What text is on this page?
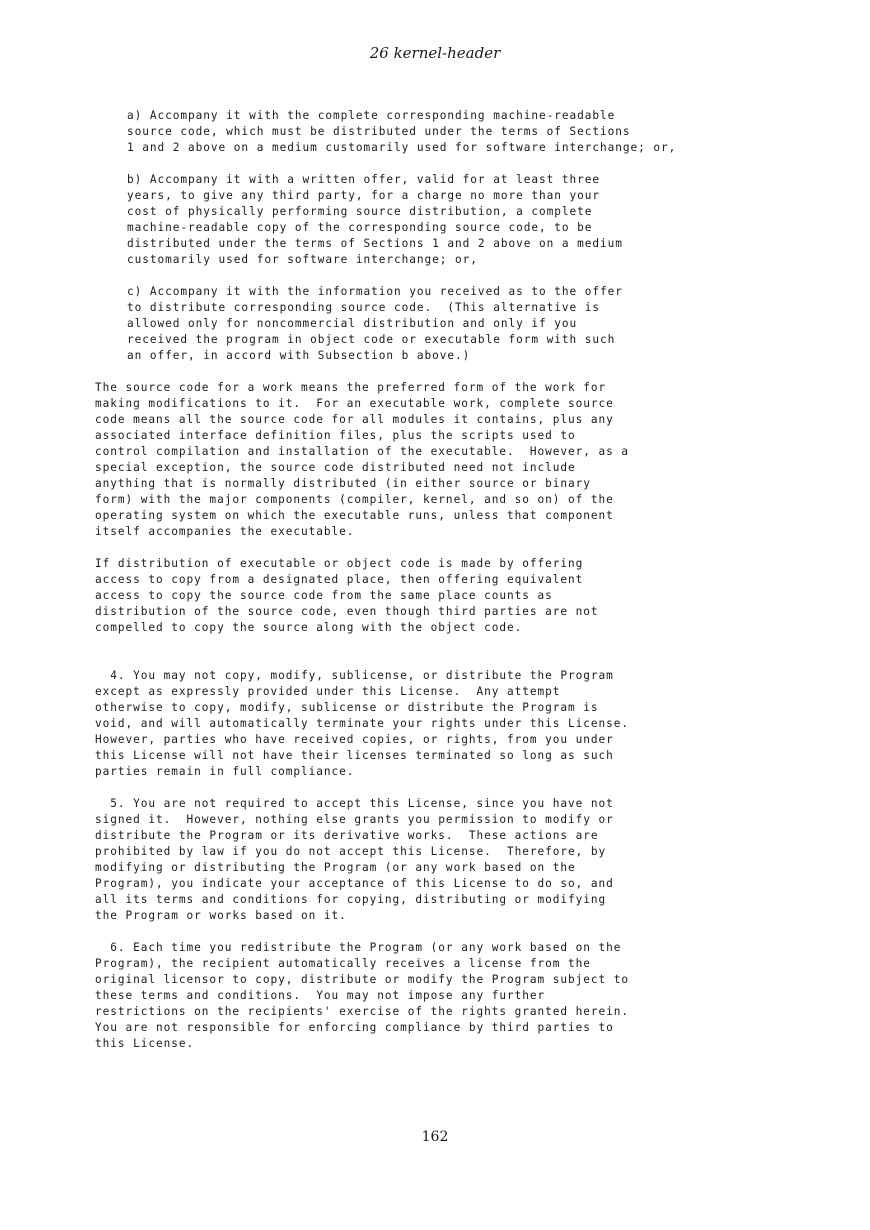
26 kernel-header

a) Accompany it with the complete corresponding machine-readable
source code, which must be distributed under the terms of Sections
1 and 2 above on a medium customarily used for software interchange; or,

b) Accompany it with a written offer, valid for at least three
years, to give any third party, for a charge no more than your
cost of physically performing source distribution, a complete
machine-readable copy of the corresponding source code, to be
distributed under the terms of Sections 1 and 2 above on a medium
customarily used for software interchange; or,

c) Accompany it with the information you received as to the offer
to distribute corresponding source code.  (This alternative is
allowed only for noncommercial distribution and only if you
received the program in object code or executable form with such
an offer, in accord with Subsection b above.)

The source code for a work means the preferred form of the work for
making modifications to it.  For an executable work, complete source
code means all the source code for all modules it contains, plus any
associated interface definition files, plus the scripts used to
control compilation and installation of the executable.  However, as a
special exception, the source code distributed need not include
anything that is normally distributed (in either source or binary
form) with the major components (compiler, kernel, and so on) of the
operating system on which the executable runs, unless that component
itself accompanies the executable.

If distribution of executable or object code is made by offering
access to copy from a designated place, then offering equivalent
access to copy the source code from the same place counts as
distribution of the source code, even though third parties are not
compelled to copy the source along with the object code.

4. You may not copy, modify, sublicense, or distribute the Program
except as expressly provided under this License.  Any attempt
otherwise to copy, modify, sublicense or distribute the Program is
void, and will automatically terminate your rights under this License.
However, parties who have received copies, or rights, from you under
this License will not have their licenses terminated so long as such
parties remain in full compliance.

5. You are not required to accept this License, since you have not
signed it.  However, nothing else grants you permission to modify or
distribute the Program or its derivative works.  These actions are
prohibited by law if you do not accept this License.  Therefore, by
modifying or distributing the Program (or any work based on the
Program), you indicate your acceptance of this License to do so, and
all its terms and conditions for copying, distributing or modifying
the Program or works based on it.

6. Each time you redistribute the Program (or any work based on the
Program), the recipient automatically receives a license from the
original licensor to copy, distribute or modify the Program subject to
these terms and conditions.  You may not impose any further
restrictions on the recipients' exercise of the rights granted herein.
You are not responsible for enforcing compliance by third parties to
this License.

162
